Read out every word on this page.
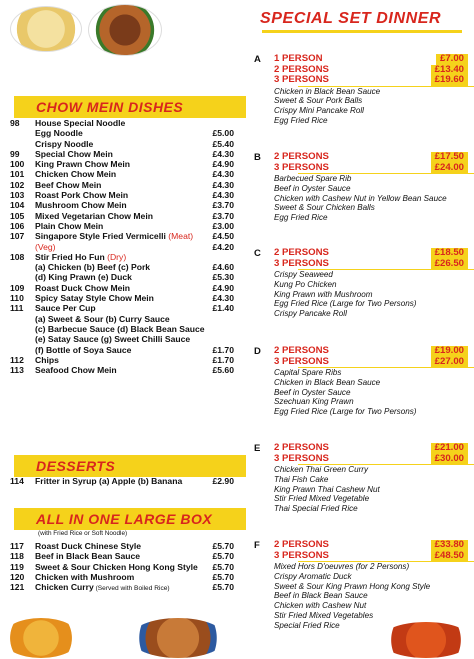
SPECIAL SET DINNER
CHOW MEIN DISHES
98 House Special Noodle
Egg Noodle	£5.00
Crispy Noodle	£5.40
99 Special Chow Mein	£4.30
100 King Prawn Chow Mein	£4.90
101 Chicken Chow Mein	£4.30
102 Beef Chow Mein	£4.30
103 Roast Pork Chow Mein	£4.30
104 Mushroom Chow Mein	£3.70
105 Mixed Vegetarian Chow Mein	£3.70
106 Plain Chow Mein	£3.00
107 Singapore Style Fried Vermicelli (Meat) £4.50
(Veg)	£4.20
108 Stir Fried Ho Fun (Dry)
(a) Chicken (b) Beef (c) Pork	£4.60
(d) King Prawn (e) Duck	£5.30
109 Roast Duck Chow Mein	£4.90
110 Spicy Satay Style Chow Mein	£4.30
111 Sauce Per Cup	£1.40
(a) Sweet & Sour (b) Curry Sauce
(c) Barbecue Sauce (d) Black Bean Sauce
(e) Satay Sauce (g) Sweet Chilli Sauce
(f) Bottle of Soya Sauce	£1.70
112 Chips	£1.70
113 Seafood Chow Mein	£5.60
DESSERTS
114 Fritter in Syrup (a) Apple (b) Banana	£2.90
ALL IN ONE LARGE BOX
(with Fried Rice or Soft Noodle)
117 Roast Duck Chinese Style	£5.70
118 Beef in Black Bean Sauce	£5.70
119 Sweet & Sour Chicken Hong Kong Style £5.70
120 Chicken with Mushroom	£5.70
121 Chicken Curry (Served with Boiled Rice)	£5.70
A 1 PERSON	£7.00
2 PERSONS	£13.40
3 PERSONS	£19.60
Chicken in Black Bean Sauce
Sweet & Sour Pork Balls
Crispy Mini Pancake Roll
Egg Fried Rice
B 2 PERSONS	£17.50
3 PERSONS	£24.00
Barbecued Spare Rib
Beef in Oyster Sauce
Chicken with Cashew Nut in Yellow Bean Sauce
Sweet & Sour Chicken Balls
Egg Fried Rice
C 2 PERSONS	£18.50
3 PERSONS	£26.50
Crispy Seaweed
Kung Po Chicken
King Prawn with Mushroom
Egg Fried Rice (Large for Two Persons)
Crispy Pancake Roll
D 2 PERSONS	£19.00
3 PERSONS	£27.00
Capital Spare Ribs
Chicken in Black Bean Sauce
Beef in Oyster Sauce
Szechuan King Prawn
Egg Fried Rice (Large for Two Persons)
E 2 PERSONS	£21.00
3 PERSONS	£30.00
Chicken Thai Green Curry
Thai Fish Cake
King Prawn Thai Cashew Nut
Stir Fried Mixed Vegetable
Thai Special Fried Rice
F 2 PERSONS	£33.80
3 PERSONS	£48.50
Mixed Hors D'oeuvres (for 2 Persons)
Crispy Aromatic Duck
Sweet & Sour King Prawn Hong Kong Style
Beef in Black Bean Sauce
Chicken with Cashew Nut
Stir Fried Mixed Vegetables
Special Fried Rice
